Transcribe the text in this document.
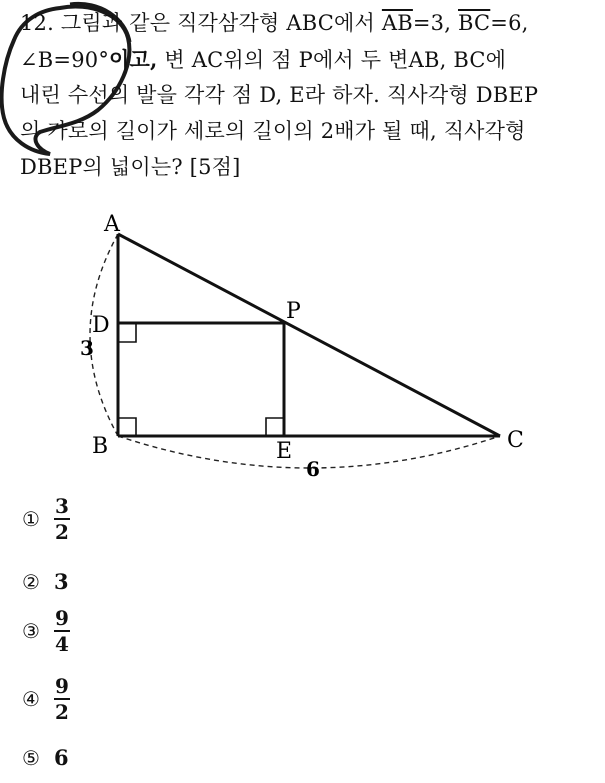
12. 그림과 같은 직각삼각형 ABC에서 $\overline{AB}=3$, $\overline{BC}=6$,
∠B=90°이고, 변 AC위의 점 P에서 두 변AB, BC에
내린 수선의 발을 각각 점 D, E라 하자. 직사각형 DBEP
의 가로의 길이가 세로의 길이의 2배가 될 때, 직사각형
DBEP의 넓이는? [5점]
A
B	C
D
P
E
3
6
① $\frac{3}{2}$
② 3
③ $\frac{9}{4}$
④ $\frac{9}{2}$
⑤ 6
